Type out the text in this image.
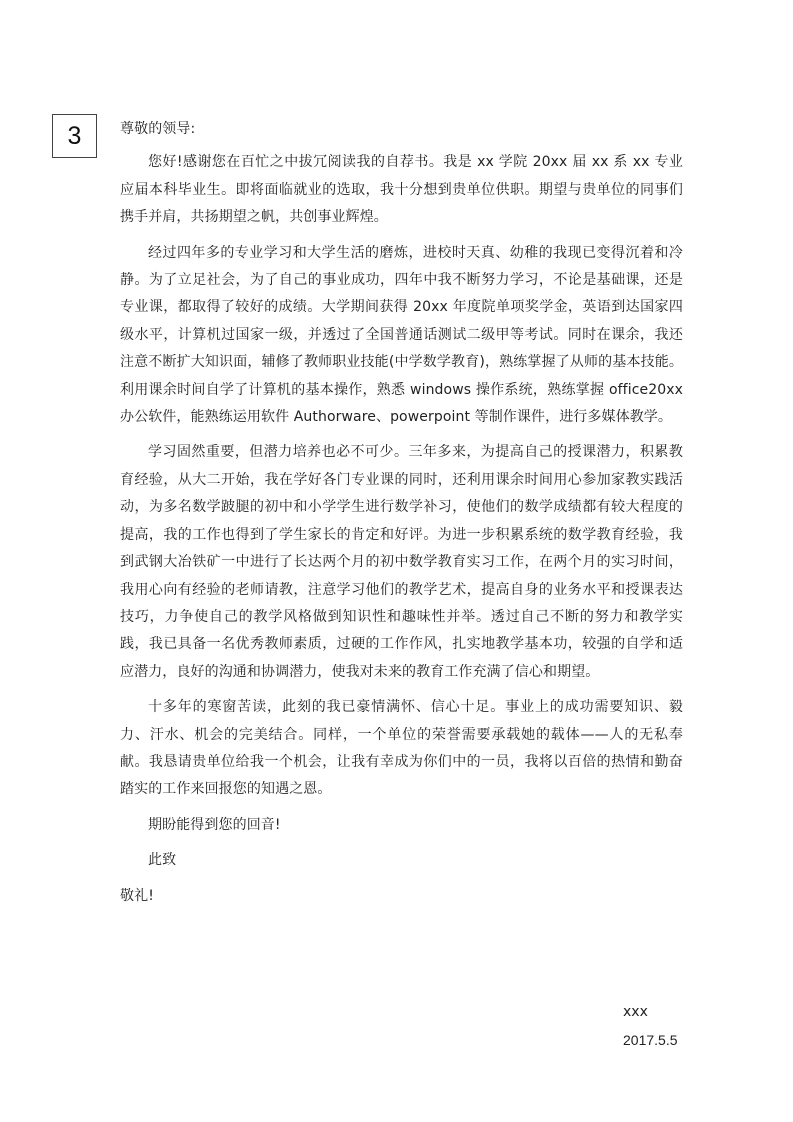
3	尊敬的领导:

您好!感谢您在百忙之中拔冗阅读我的自荐书。我是 xx 学院 20xx 届 xx 系 xx 专业应届本科毕业生。即将面临就业的选取，我十分想到贵单位供职。期望与贵单位的同事们携手并肩，共扬期望之帆，共创事业辉煌。

经过四年多的专业学习和大学生活的磨炼，进校时天真、幼稚的我现已变得沉着和冷静。为了立足社会，为了自己的事业成功，四年中我不断努力学习，不论是基础课，还是专业课，都取得了较好的成绩。大学期间获得 20xx 年度院单项奖学金，英语到达国家四级水平，计算机过国家一级，并透过了全国普通话测试二级甲等考试。同时在课余，我还注意不断扩大知识面，辅修了教师职业技能(中学数学教育)，熟练掌握了从师的基本技能。利用课余时间自学了计算机的基本操作，熟悉 windows 操作系统，熟练掌握 office20xx 办公软件，能熟练运用软件 Authorware、powerpoint 等制作课件，进行多媒体教学。

学习固然重要，但潜力培养也必不可少。三年多来，为提高自己的授课潜力，积累教育经验，从大二开始，我在学好各门专业课的同时，还利用课余时间用心参加家教实践活动，为多名数学跛腿的初中和小学学生进行数学补习，使他们的数学成绩都有较大程度的提高，我的工作也得到了学生家长的肯定和好评。为进一步积累系统的数学教育经验，我到武钢大冶铁矿一中进行了长达两个月的初中数学教育实习工作，在两个月的实习时间，我用心向有经验的老师请教，注意学习他们的教学艺术，提高自身的业务水平和授课表达技巧，力争使自己的教学风格做到知识性和趣味性并举。透过自己不断的努力和教学实践，我已具备一名优秀教师素质，过硬的工作作风，扎实地教学基本功，较强的自学和适应潜力，良好的沟通和协调潜力，使我对未来的教育工作充满了信心和期望。

十多年的寒窗苦读，此刻的我已豪情满怀、信心十足。事业上的成功需要知识、毅力、汗水、机会的完美结合。同样，一个单位的荣誉需要承载她的载体——人的无私奉献。我恳请贵单位给我一个机会，让我有幸成为你们中的一员，我将以百倍的热情和勤奋踏实的工作来回报您的知遇之恩。

期盼能得到您的回音!

此致

敬礼!

xxx
2017.5.5
